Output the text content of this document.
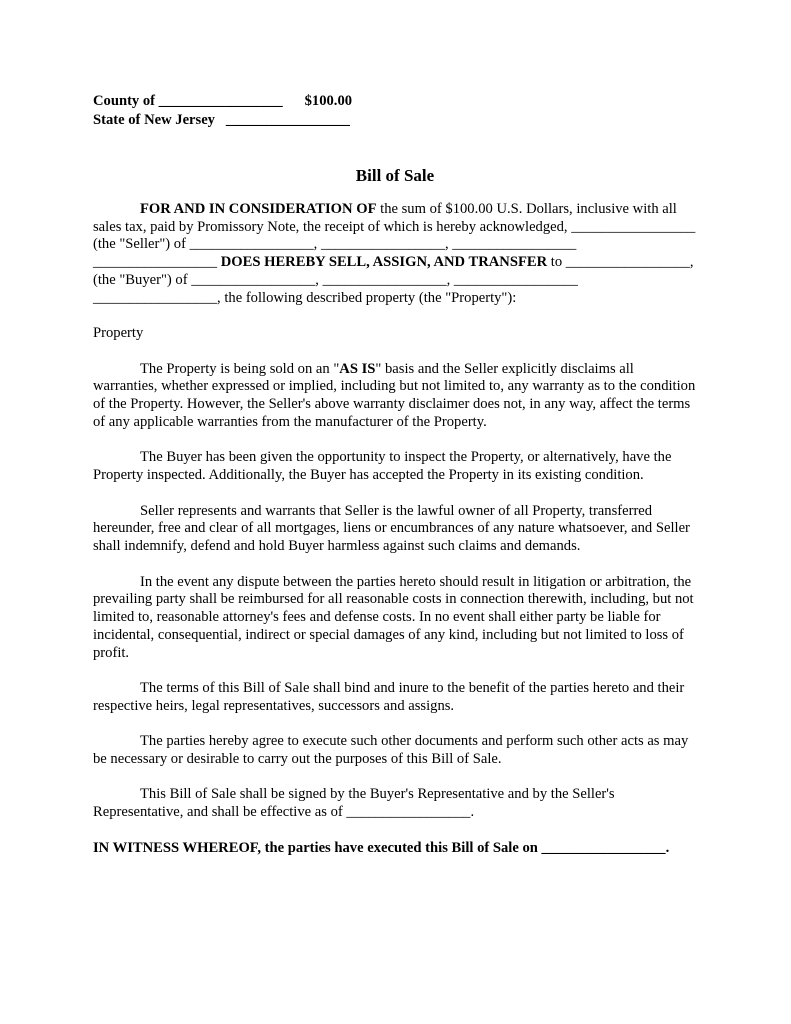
County of _________________      $100.00
State of New Jersey   _________________
Bill of Sale

FOR AND IN CONSIDERATION OF the sum of $100.00 U.S. Dollars, inclusive with all sales tax, paid by Promissory Note, the receipt of which is hereby acknowledged, _________________ (the "Seller") of _________________, _________________, _________________ _________________ DOES HEREBY SELL, ASSIGN, AND TRANSFER to _________________, (the "Buyer") of _________________, _________________, _________________ _________________, the following described property (the "Property"):

Property

The Property is being sold on an "AS IS" basis and the Seller explicitly disclaims all warranties, whether expressed or implied, including but not limited to, any warranty as to the condition of the Property. However, the Seller's above warranty disclaimer does not, in any way, affect the terms of any applicable warranties from the manufacturer of the Property.

The Buyer has been given the opportunity to inspect the Property, or alternatively, have the Property inspected. Additionally, the Buyer has accepted the Property in its existing condition.

Seller represents and warrants that Seller is the lawful owner of all Property, transferred hereunder, free and clear of all mortgages, liens or encumbrances of any nature whatsoever, and Seller shall indemnify, defend and hold Buyer harmless against such claims and demands.

In the event any dispute between the parties hereto should result in litigation or arbitration, the prevailing party shall be reimbursed for all reasonable costs in connection therewith, including, but not limited to, reasonable attorney's fees and defense costs. In no event shall either party be liable for incidental, consequential, indirect or special damages of any kind, including but not limited to loss of profit.

The terms of this Bill of Sale shall bind and inure to the benefit of the parties hereto and their respective heirs, legal representatives, successors and assigns.

The parties hereby agree to execute such other documents and perform such other acts as may be necessary or desirable to carry out the purposes of this Bill of Sale.

This Bill of Sale shall be signed by the Buyer's Representative and by the Seller's Representative, and shall be effective as of _________________.

IN WITNESS WHEREOF, the parties have executed this Bill of Sale on _________________.
